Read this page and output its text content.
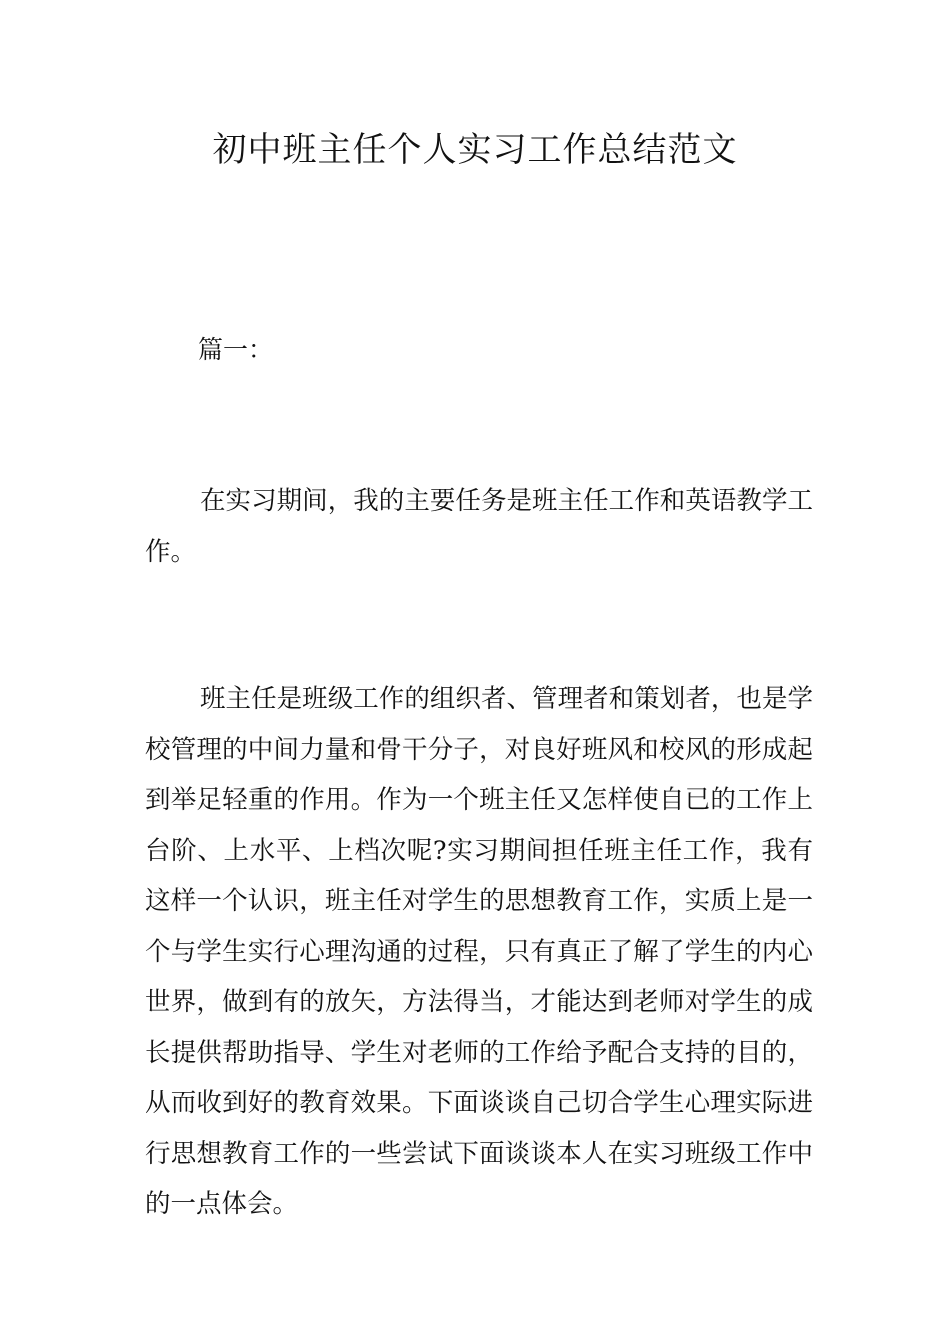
初中班主任个人实习工作总结范文

篇一：

在实习期间，我的主要任务是班主任工作和英语教学工作。

班主任是班级工作的组织者、管理者和策划者，也是学校管理的中间力量和骨干分子，对良好班风和校风的形成起到举足轻重的作用。作为一个班主任又怎样使自已的工作上台阶、上水平、上档次呢?实习期间担任班主任工作，我有这样一个认识，班主任对学生的思想教育工作，实质上是一个与学生实行心理沟通的过程，只有真正了解了学生的内心世界，做到有的放矢，方法得当，才能达到老师对学生的成长提供帮助指导、学生对老师的工作给予配合支持的目的，从而收到好的教育效果。下面谈谈自己切合学生心理实际进行思想教育工作的一些尝试下面谈谈本人在实习班级工作中的一点体会。
